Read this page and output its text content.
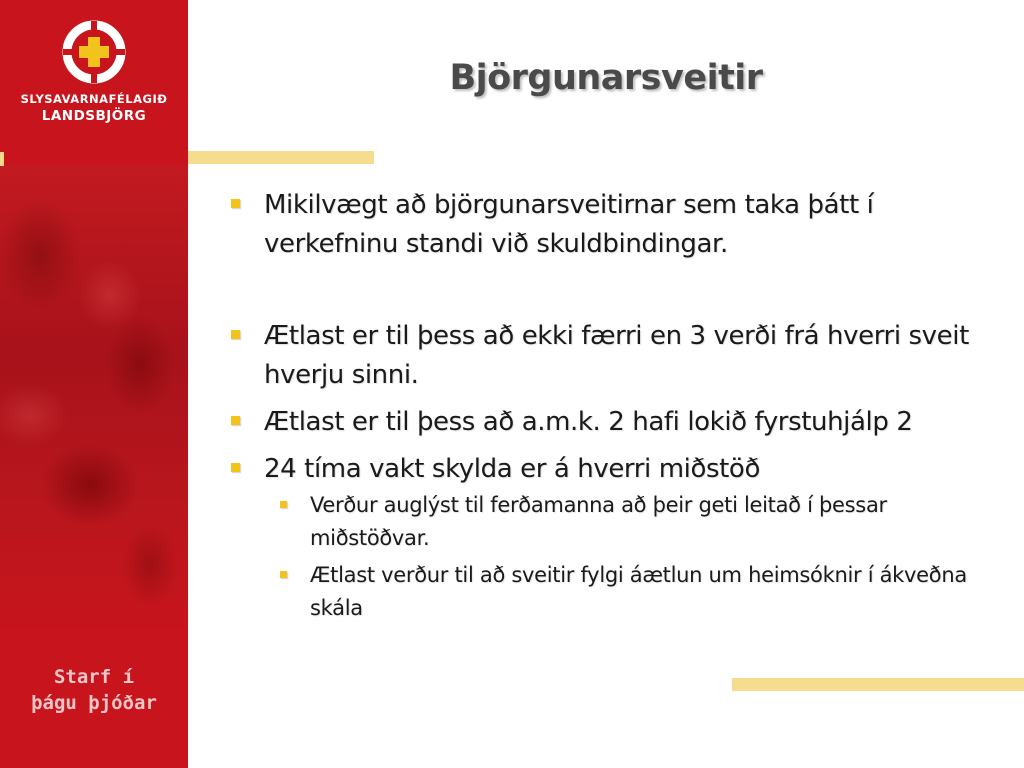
SLYSAVARNAFÉLAGIÐ
LANDSBJÖRG
Starf í
þágu þjóðar
Björgunarsveitir
Mikilvægt að björgunarsveitirnar sem taka þátt í verkefninu standi við skuldbindingar.
Ætlast er til þess að ekki færri en 3 verði frá hverri sveit hverju sinni.
Ætlast er til þess að a.m.k. 2 hafi lokið fyrstuhjálp 2
24 tíma vakt skylda er á hverri miðstöð
Verður auglýst til ferðamanna að þeir geti leitað í þessar miðstöðvar.
Ætlast verður til að sveitir fylgi áætlun um heimsóknir í ákveðna skála
